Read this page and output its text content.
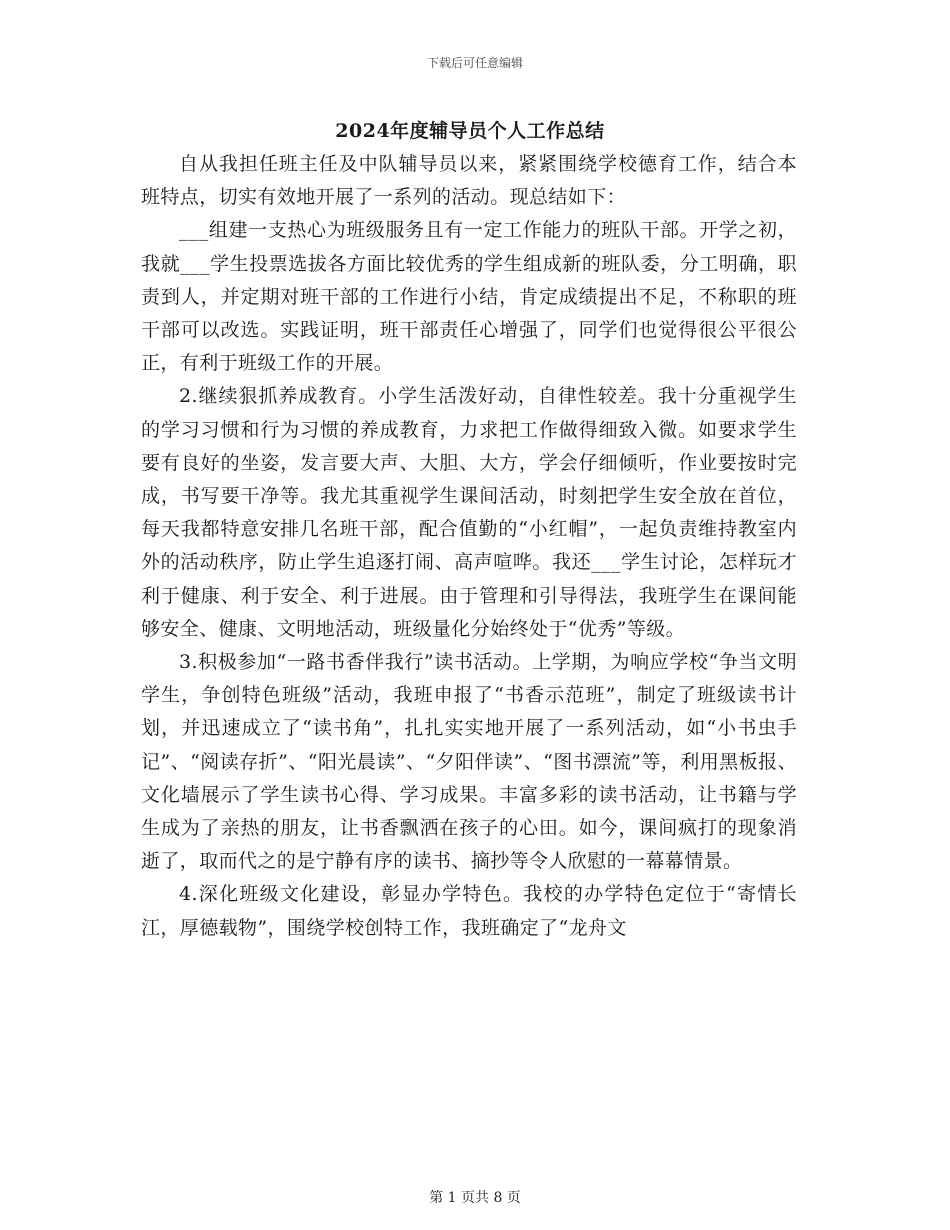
下载后可任意编辑
2024年度辅导员个人工作总结

自从我担任班主任及中队辅导员以来，紧紧围绕学校德育工作，结合本班特点，切实有效地开展了一系列的活动。现总结如下：

___组建一支热心为班级服务且有一定工作能力的班队干部。开学之初，我就___学生投票选拔各方面比较优秀的学生组成新的班队委，分工明确，职责到人，并定期对班干部的工作进行小结，肯定成绩提出不足，不称职的班干部可以改选。实践证明，班干部责任心增强了，同学们也觉得很公平很公正，有利于班级工作的开展。

2.继续狠抓养成教育。小学生活泼好动，自律性较差。我十分重视学生的学习习惯和行为习惯的养成教育，力求把工作做得细致入微。如要求学生要有良好的坐姿，发言要大声、大胆、大方，学会仔细倾听，作业要按时完成，书写要干净等。我尤其重视学生课间活动，时刻把学生安全放在首位，每天我都特意安排几名班干部，配合值勤的“小红帽”，一起负责维持教室内外的活动秩序，防止学生追逐打闹、高声喧哗。我还___学生讨论，怎样玩才利于健康、利于安全、利于进展。由于管理和引导得法，我班学生在课间能够安全、健康、文明地活动，班级量化分始终处于“优秀”等级。

3.积极参加“一路书香伴我行”读书活动。上学期，为响应学校“争当文明学生，争创特色班级”活动，我班申报了“书香示范班”，制定了班级读书计划，并迅速成立了“读书角”，扎扎实实地开展了一系列活动，如“小书虫手记”、“阅读存折”、“阳光晨读”、“夕阳伴读”、“图书漂流”等，利用黑板报、文化墙展示了学生读书心得、学习成果。丰富多彩的读书活动，让书籍与学生成为了亲热的朋友，让书香飘洒在孩子的心田。如今，课间疯打的现象消逝了，取而代之的是宁静有序的读书、摘抄等令人欣慰的一幕幕情景。

4.深化班级文化建设，彰显办学特色。我校的办学特色定位于“寄情长江，厚德载物”，围绕学校创特工作，我班确定了“龙舟文

第 1 页共 8 页
